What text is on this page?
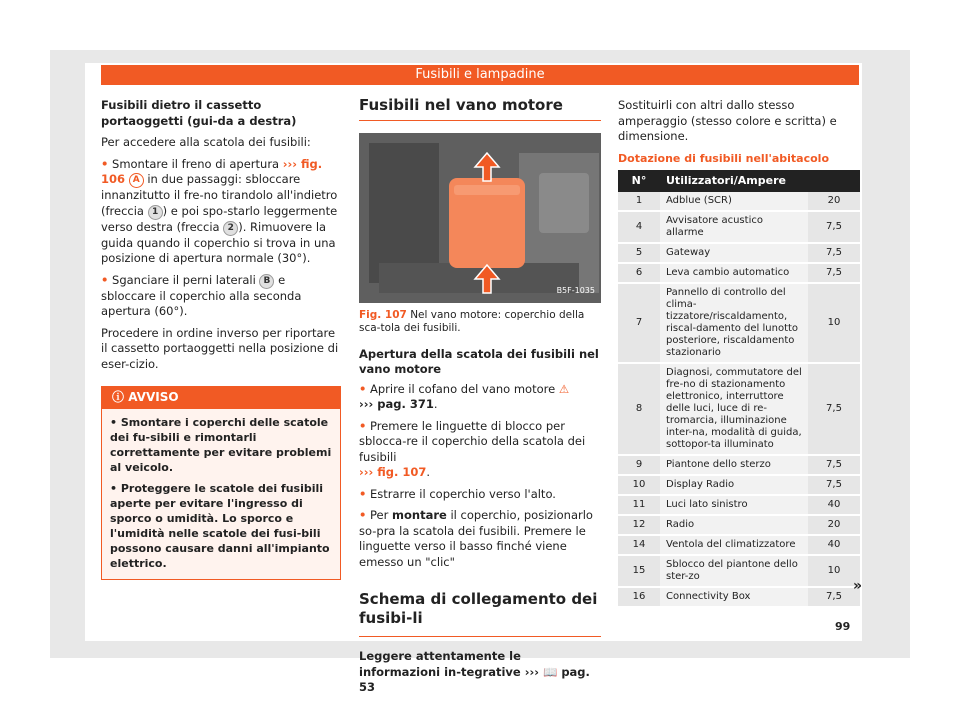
Fusibili e lampadine

Fusibili dietro il cassetto portaoggetti (gui-da a destra)

Per accedere alla scatola dei fusibili:

• Smontare il freno di apertura ››› fig. 106 A in due passaggi: sbloccare innanzitutto il fre-no tirandolo all'indietro (freccia 1 ) e poi spo-starlo leggermente verso destra (freccia 2 ). Rimuovere la guida quando il coperchio si trova in una posizione di apertura normale (30°).

• Sganciare il perni laterali B e sbloccare il coperchio alla seconda apertura (60°).

Procedere in ordine inverso per riportare il cassetto portaoggetti nella posizione di eser-cizio.

ⓘ AVVISO

• Smontare i coperchi delle scatole dei fu-sibili e rimontarli correttamente per evitare problemi al veicolo.

• Proteggere le scatole dei fusibili aperte per evitare l'ingresso di sporco o umidità. Lo sporco e l'umidità nelle scatole dei fusi-bili possono causare danni all'impianto elettrico.

Fusibili nel vano motore
B5F-1035

Fig. 107 Nel vano motore: coperchio della sca-tola dei fusibili.

Apertura della scatola dei fusibili nel vano motore

• Aprire il cofano del vano motore ⚠
››› pag. 371.

• Premere le linguette di blocco per sblocca-re il coperchio della scatola dei fusibili
››› fig. 107.

• Estrarre il coperchio verso l'alto.

• Per montare il coperchio, posizionarlo so-pra la scatola dei fusibili. Premere le linguette verso il basso finché viene emesso un "clic"

Schema di collegamento dei fusibi-li

Leggere attentamente le informazioni in-tegrative ››› 📖 pag. 53

Sostituirli con altri dallo stesso amperaggio (stesso colore e scritta) e dimensione.

Dotazione di fusibili nell'abitacolo
N°	Utilizzatori/Ampere	
1	Adblue (SCR)	20
4	Avvisatore acustico allarme	7,5
5	Gateway	7,5
6	Leva cambio automatico	7,5
7	Pannello di controllo del clima-tizzatore/riscaldamento, riscal-damento del lunotto posteriore, riscaldamento stazionario	10
8	Diagnosi, commutatore del fre-no di stazionamento elettronico, interruttore delle luci, luce di re-tromarcia, illuminazione inter-na, modalità di guida, sottopor-ta illuminato	7,5
9	Piantone dello sterzo	7,5
10	Display Radio	7,5
11	Luci lato sinistro	40
12	Radio	20
14	Ventola del climatizzatore	40
15	Sblocco del piantone dello ster-zo	10
16	Connectivity Box	7,5
»
99
